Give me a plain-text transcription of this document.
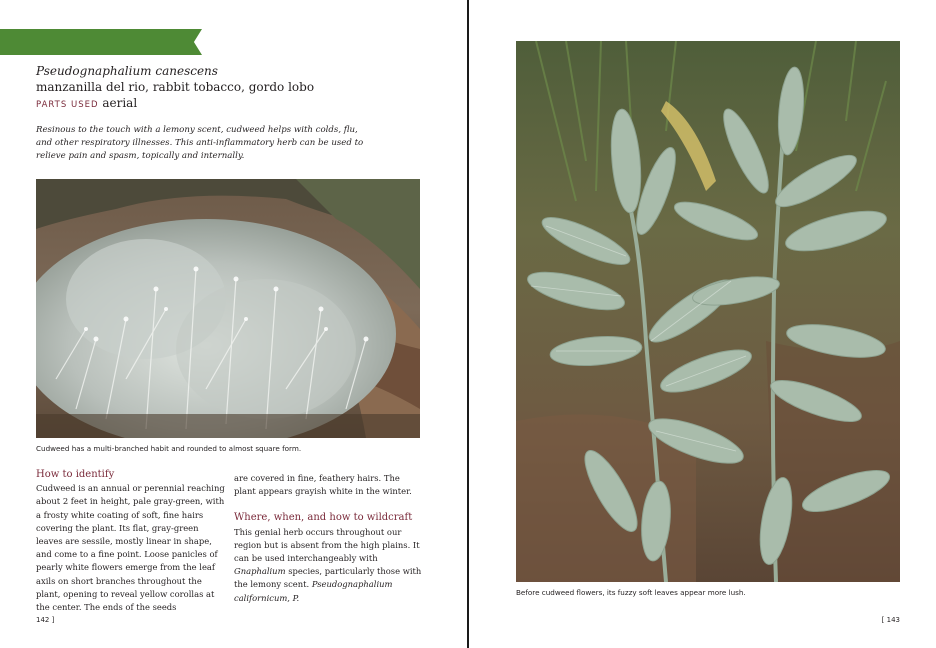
cudweed
Pseudognaphalium canescens
manzanilla del rio, rabbit tobacco, gordo lobo
PARTS USED aerial
Resinous to the touch with a lemony scent, cudweed helps with colds, flu, and other respiratory illnesses. This anti-inflammatory herb can be used to relieve pain and spasm, topically and internally.
Cudweed has a multi-branched habit and rounded to almost square form.
How to identify
Cudweed is an annual or perennial reaching about 2 feet in height, pale gray-green, with a frosty white coating of soft, fine hairs covering the plant. Its flat, gray-green leaves are sessile, mostly linear in shape, and come to a fine point. Loose panicles of pearly white flowers emerge from the leaf axils on short branches throughout the plant, opening to reveal yellow corollas at the center. The ends of the seeds
are covered in fine, feathery hairs. The plant appears grayish white in the winter.
Where, when, and how to wildcraft
This genial herb occurs throughout our region but is absent from the high plains. It can be used interchangeably with Gnaphalium species, particularly those with the lemony scent. Pseudognaphalium californicum, P.
142 ]
Before cudweed flowers, its fuzzy soft leaves appear more lush.
[ 143
